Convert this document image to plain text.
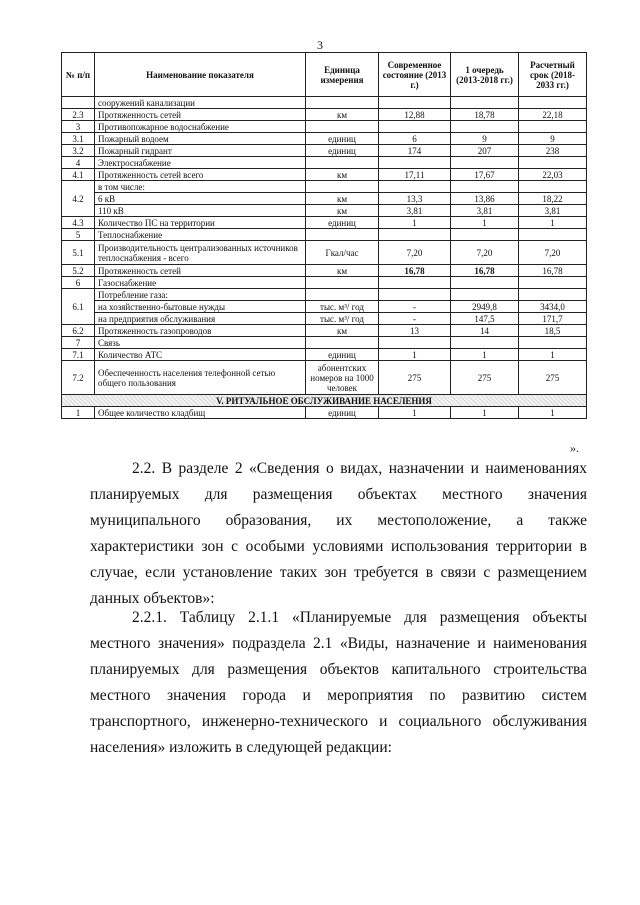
3
№ п/п	Наименование показателя	Единица измерения	Современное состояние (2013 г.)	1 очередь (2013-2018 гг.)	Расчетный срок (2018-2033 гг.)
	сооружений канализации				
2.3	Протяженность сетей	км	12,88	18,78	22,18
3	Противопожарное водоснабжение				
3.1	Пожарный водоем	единиц	6	9	9
3.2	Пожарный гидрант	единиц	174	207	238
4	Электроснабжение				
4.1	Протяженность сетей всего	км	17,11	17,67	22,03
4.2	в том числе:				
	6 кВ	км	13,3	13,86	18,22
	110 кВ	км	3,81	3,81	3,81
4.3	Количество ПС на территории	единиц	1	1	1
5	Теплоснабжение				
5.1	Производительность централизованных источников теплоснабжения - всего	Гкал/час	7,20	7,20	7,20
5.2	Протяженность сетей	км	16,78	16,78	16,78
6	Газоснабжение				
6.1	Потребление газа:				
	на хозяйственно-бытовые нужды	тыс. м³/ год	-	2949,8	3434,0
	на предприятия обслуживания	тыс. м³/ год	-	147,5	171,7
6.2	Протяженность газопроводов	км	13	14	18,5
7	Связь				
7.1	Количество АТС	единиц	1	1	1
7.2	Обеспеченность населения телефонной сетью общего пользования	абонентских номеров на 1000 человек	275	275	275
V. РИТУАЛЬНОЕ ОБСЛУЖИВАНИЕ НАСЕЛЕНИЯ					
1	Общее количество кладбищ	единиц	1	1	1
».

2.2. В разделе 2 «Сведения о видах, назначении и наименованиях планируемых для размещения объектах местного значения муниципального образования, их местоположение, а также характеристики зон с особыми условиями использования территории в случае, если установление таких зон требуется в связи с размещением данных объектов»:

2.2.1. Таблицу 2.1.1 «Планируемые для размещения объекты местного значения» подраздела 2.1 «Виды, назначение и наименования планируемых для размещения объектов капитального строительства местного значения города и мероприятия по развитию систем транспортного, инженерно-технического и социального обслуживания населения» изложить в следующей редакции:
